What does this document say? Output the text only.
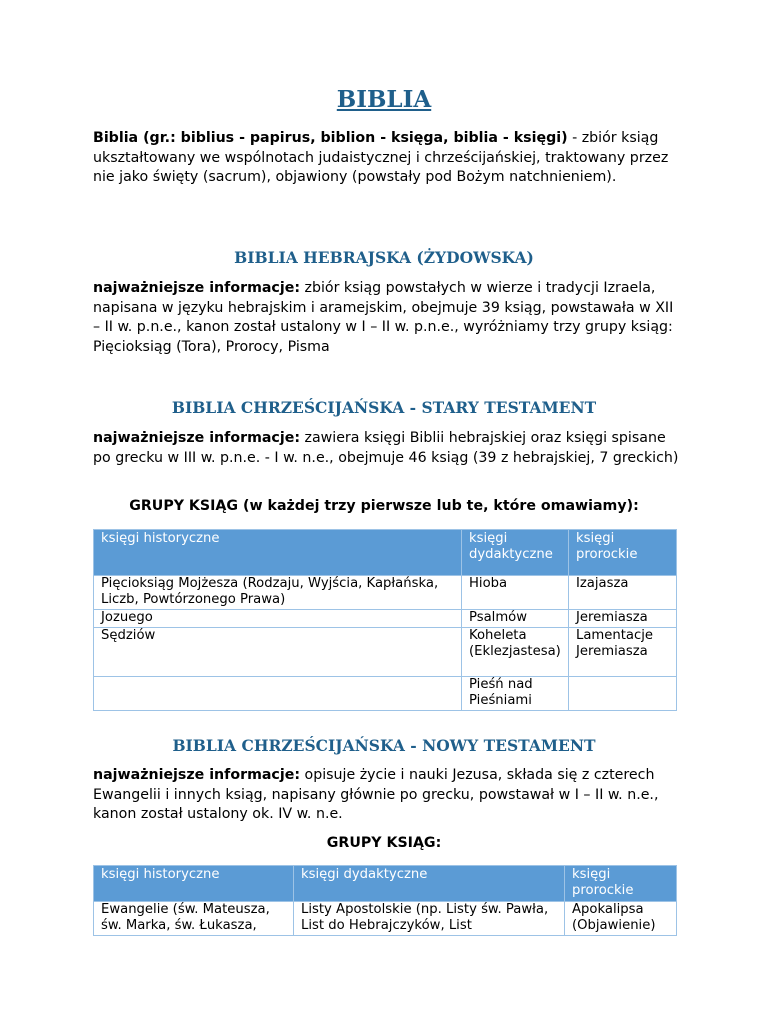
BIBLIA

Biblia (gr.: biblius - papirus, biblion - księga, biblia - księgi) - zbiór ksiąg ukształtowany we wspólnotach judaistycznej i chrześcijańskiej, traktowany przez nie jako święty (sacrum), objawiony (powstały pod Bożym natchnieniem).

BIBLIA HEBRAJSKA (ŻYDOWSKA)

najważniejsze informacje: zbiór ksiąg powstałych w wierze i tradycji Izraela, napisana w języku hebrajskim i aramejskim, obejmuje 39 ksiąg, powstawała w XII – II w. p.n.e., kanon został ustalony w I – II w. p.n.e., wyróżniamy trzy grupy ksiąg: Pięcioksiąg (Tora), Prorocy, Pisma

BIBLIA CHRZEŚCIJAŃSKA - STARY TESTAMENT

najważniejsze informacje: zawiera księgi Biblii hebrajskiej oraz księgi spisane po grecku w III w. p.n.e. - I w. n.e., obejmuje 46 ksiąg (39 z hebrajskiej, 7 greckich)

GRUPY KSIĄG (w każdej trzy pierwsze lub te, które omawiamy):

księgi historyczne	księgi dydaktyczne	księgi prorockie
Pięcioksiąg Mojżesza (Rodzaju, Wyjścia, Kapłańska, Liczb, Powtórzonego Prawa)	Hioba	Izajasza
Jozuego	Psalmów	Jeremiasza
Sędziów	Koheleta (Eklezjastesa)	Lamentacje Jeremiasza
	Pieśń nad Pieśniami	
BIBLIA CHRZEŚCIJAŃSKA - NOWY TESTAMENT

najważniejsze informacje: opisuje życie i nauki Jezusa, składa się z czterech Ewangelii i innych ksiąg, napisany głównie po grecku, powstawał w I – II w. n.e., kanon został ustalony ok. IV w. n.e.

GRUPY KSIĄG:

księgi historyczne	księgi dydaktyczne	księgi prorockie
Ewangelie (św. Mateusza, św. Marka, św. Łukasza,	Listy Apostolskie (np. Listy św. Pawła, List do Hebrajczyków, List	Apokalipsa (Objawienie)
